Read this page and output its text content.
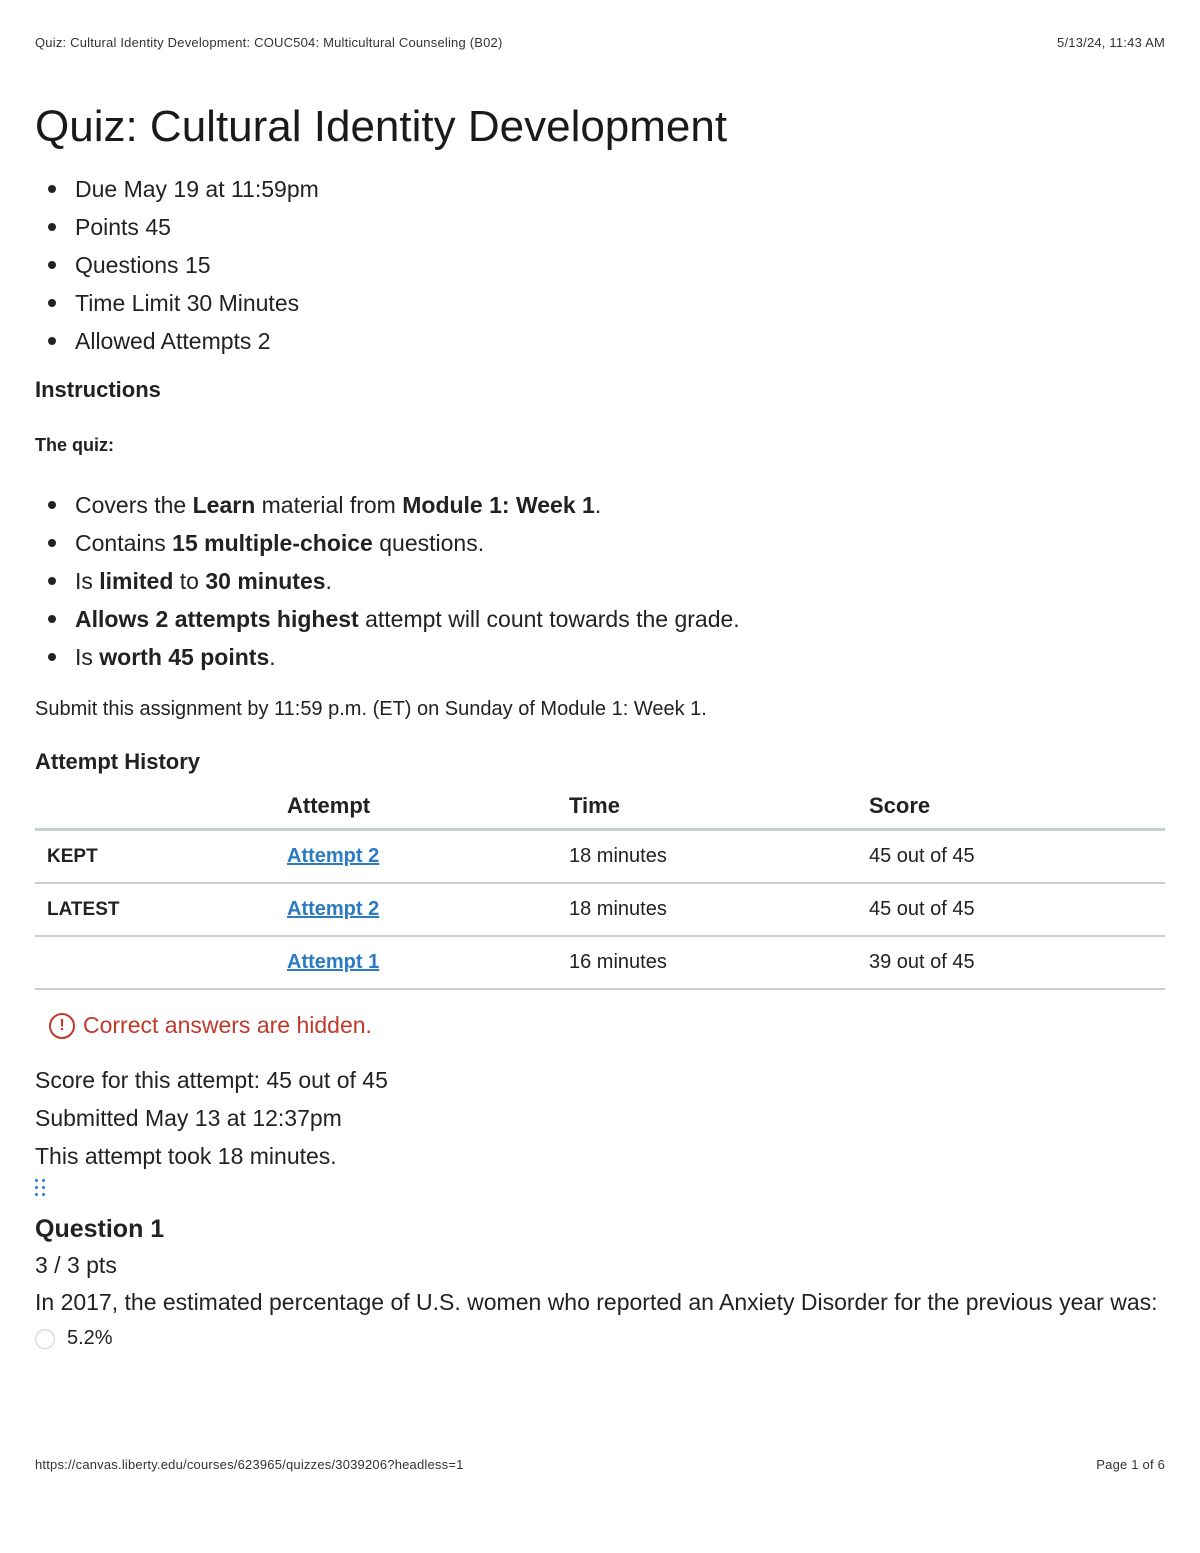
Quiz: Cultural Identity Development: COUC504: Multicultural Counseling (B02)	5/13/24, 11:43 AM
Quiz: Cultural Identity Development
Due May 19 at 11:59pm
Points 45
Questions 15
Time Limit 30 Minutes
Allowed Attempts 2
Instructions
The quiz:
Covers the Learn material from Module 1: Week 1.
Contains 15 multiple-choice questions.
Is limited to 30 minutes.
Allows 2 attempts highest attempt will count towards the grade.
Is worth 45 points.
Submit this assignment by 11:59 p.m. (ET) on Sunday of Module 1: Week 1.
Attempt History
	Attempt	Time	Score
KEPT	Attempt 2	18 minutes	45 out of 45
LATEST	Attempt 2	18 minutes	45 out of 45
	Attempt 1	16 minutes	39 out of 45
! Correct answers are hidden.
Score for this attempt: 45 out of 45
Submitted May 13 at 12:37pm
This attempt took 18 minutes.
Question 1
3 / 3 pts
In 2017, the estimated percentage of U.S. women who reported an Anxiety Disorder for the previous year was:
5.2%
https://canvas.liberty.edu/courses/623965/quizzes/3039206?headless=1	Page 1 of 6
